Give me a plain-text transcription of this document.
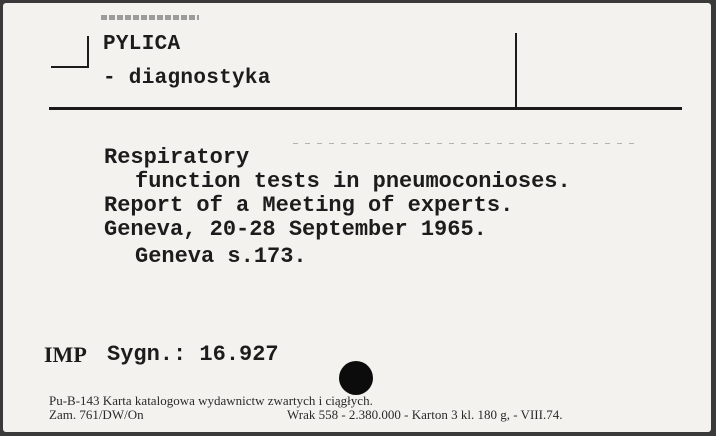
PYLICA
- diagnostyka
Respiratory
function tests in pneumoconioses.
Report of a Meeting of experts.
Geneva, 20-28 September 1965.
Geneva s.173.
IMP Sygn.: 16.927
Pu-B-143 Karta katalogowa wydawnictw zwartych i ciągłych.
Zam. 761/DW/On	Wrak 558 - 2.380.000 - Karton 3 kl. 180 g, - VIII.74.
